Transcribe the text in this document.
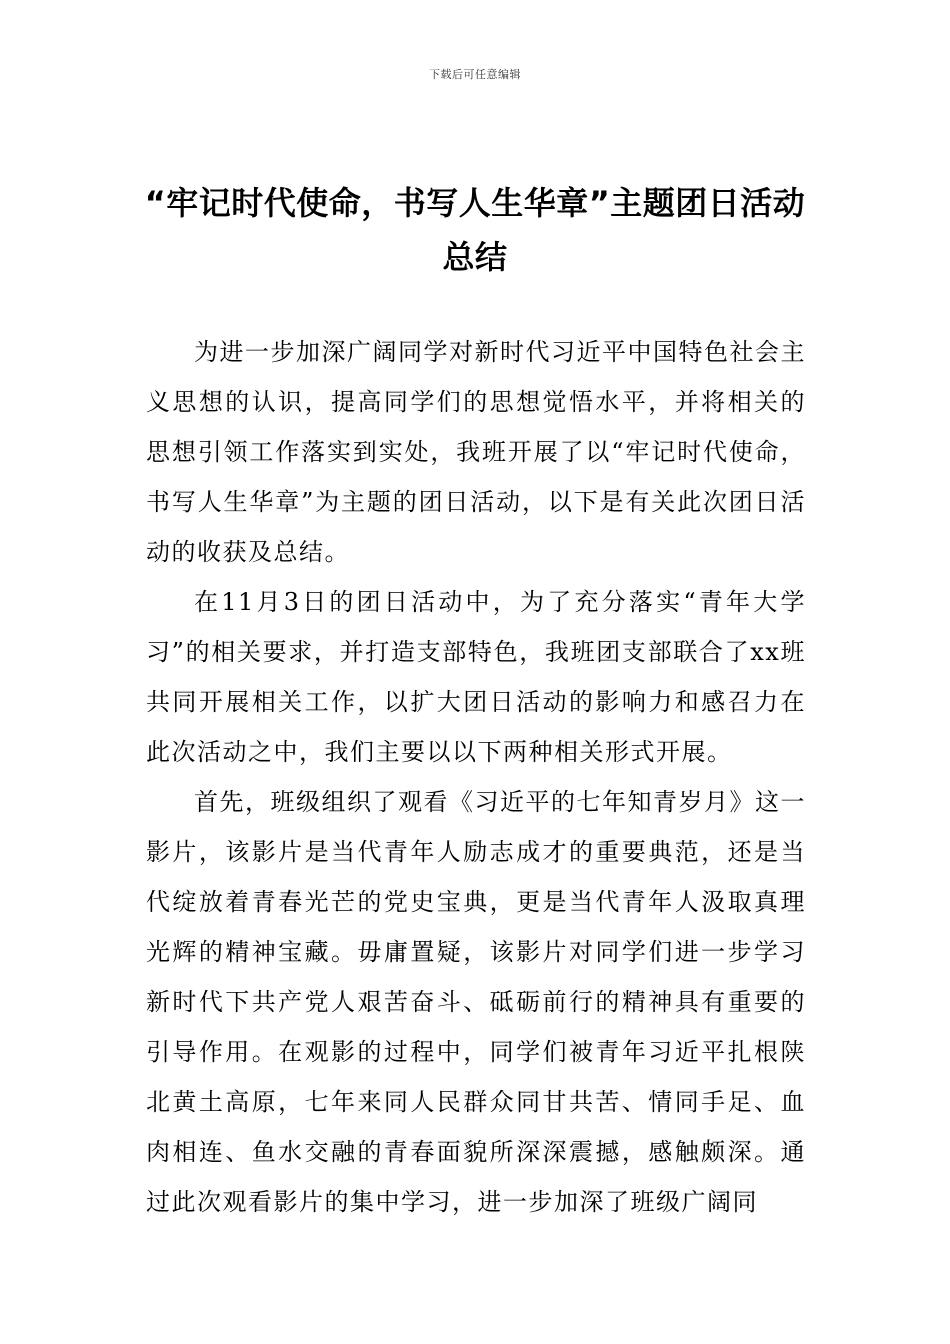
下载后可任意编辑
“牢记时代使命，书写人生华章”主题团日活动总结

为进一步加深广阔同学对新时代习近平中国特色社会主义思想的认识，提高同学们的思想觉悟水平，并将相关的思想引领工作落实到实处，我班开展了以“牢记时代使命，书写人生华章”为主题的团日活动，以下是有关此次团日活动的收获及总结。

在11月3日的团日活动中，为了充分落实“青年大学习”的相关要求，并打造支部特色，我班团支部联合了xx班共同开展相关工作，以扩大团日活动的影响力和感召力在此次活动之中，我们主要以以下两种相关形式开展。

首先，班级组织了观看《习近平的七年知青岁月》这一影片，该影片是当代青年人励志成才的重要典范，还是当代绽放着青春光芒的党史宝典，更是当代青年人汲取真理光辉的精神宝藏。毋庸置疑，该影片对同学们进一步学习新时代下共产党人艰苦奋斗、砥砺前行的精神具有重要的引导作用。在观影的过程中，同学们被青年习近平扎根陕北黄土高原，七年来同人民群众同甘共苦、情同手足、血肉相连、鱼水交融的青春面貌所深深震撼，感触颇深。通过此次观看影片的集中学习，进一步加深了班级广阔同
